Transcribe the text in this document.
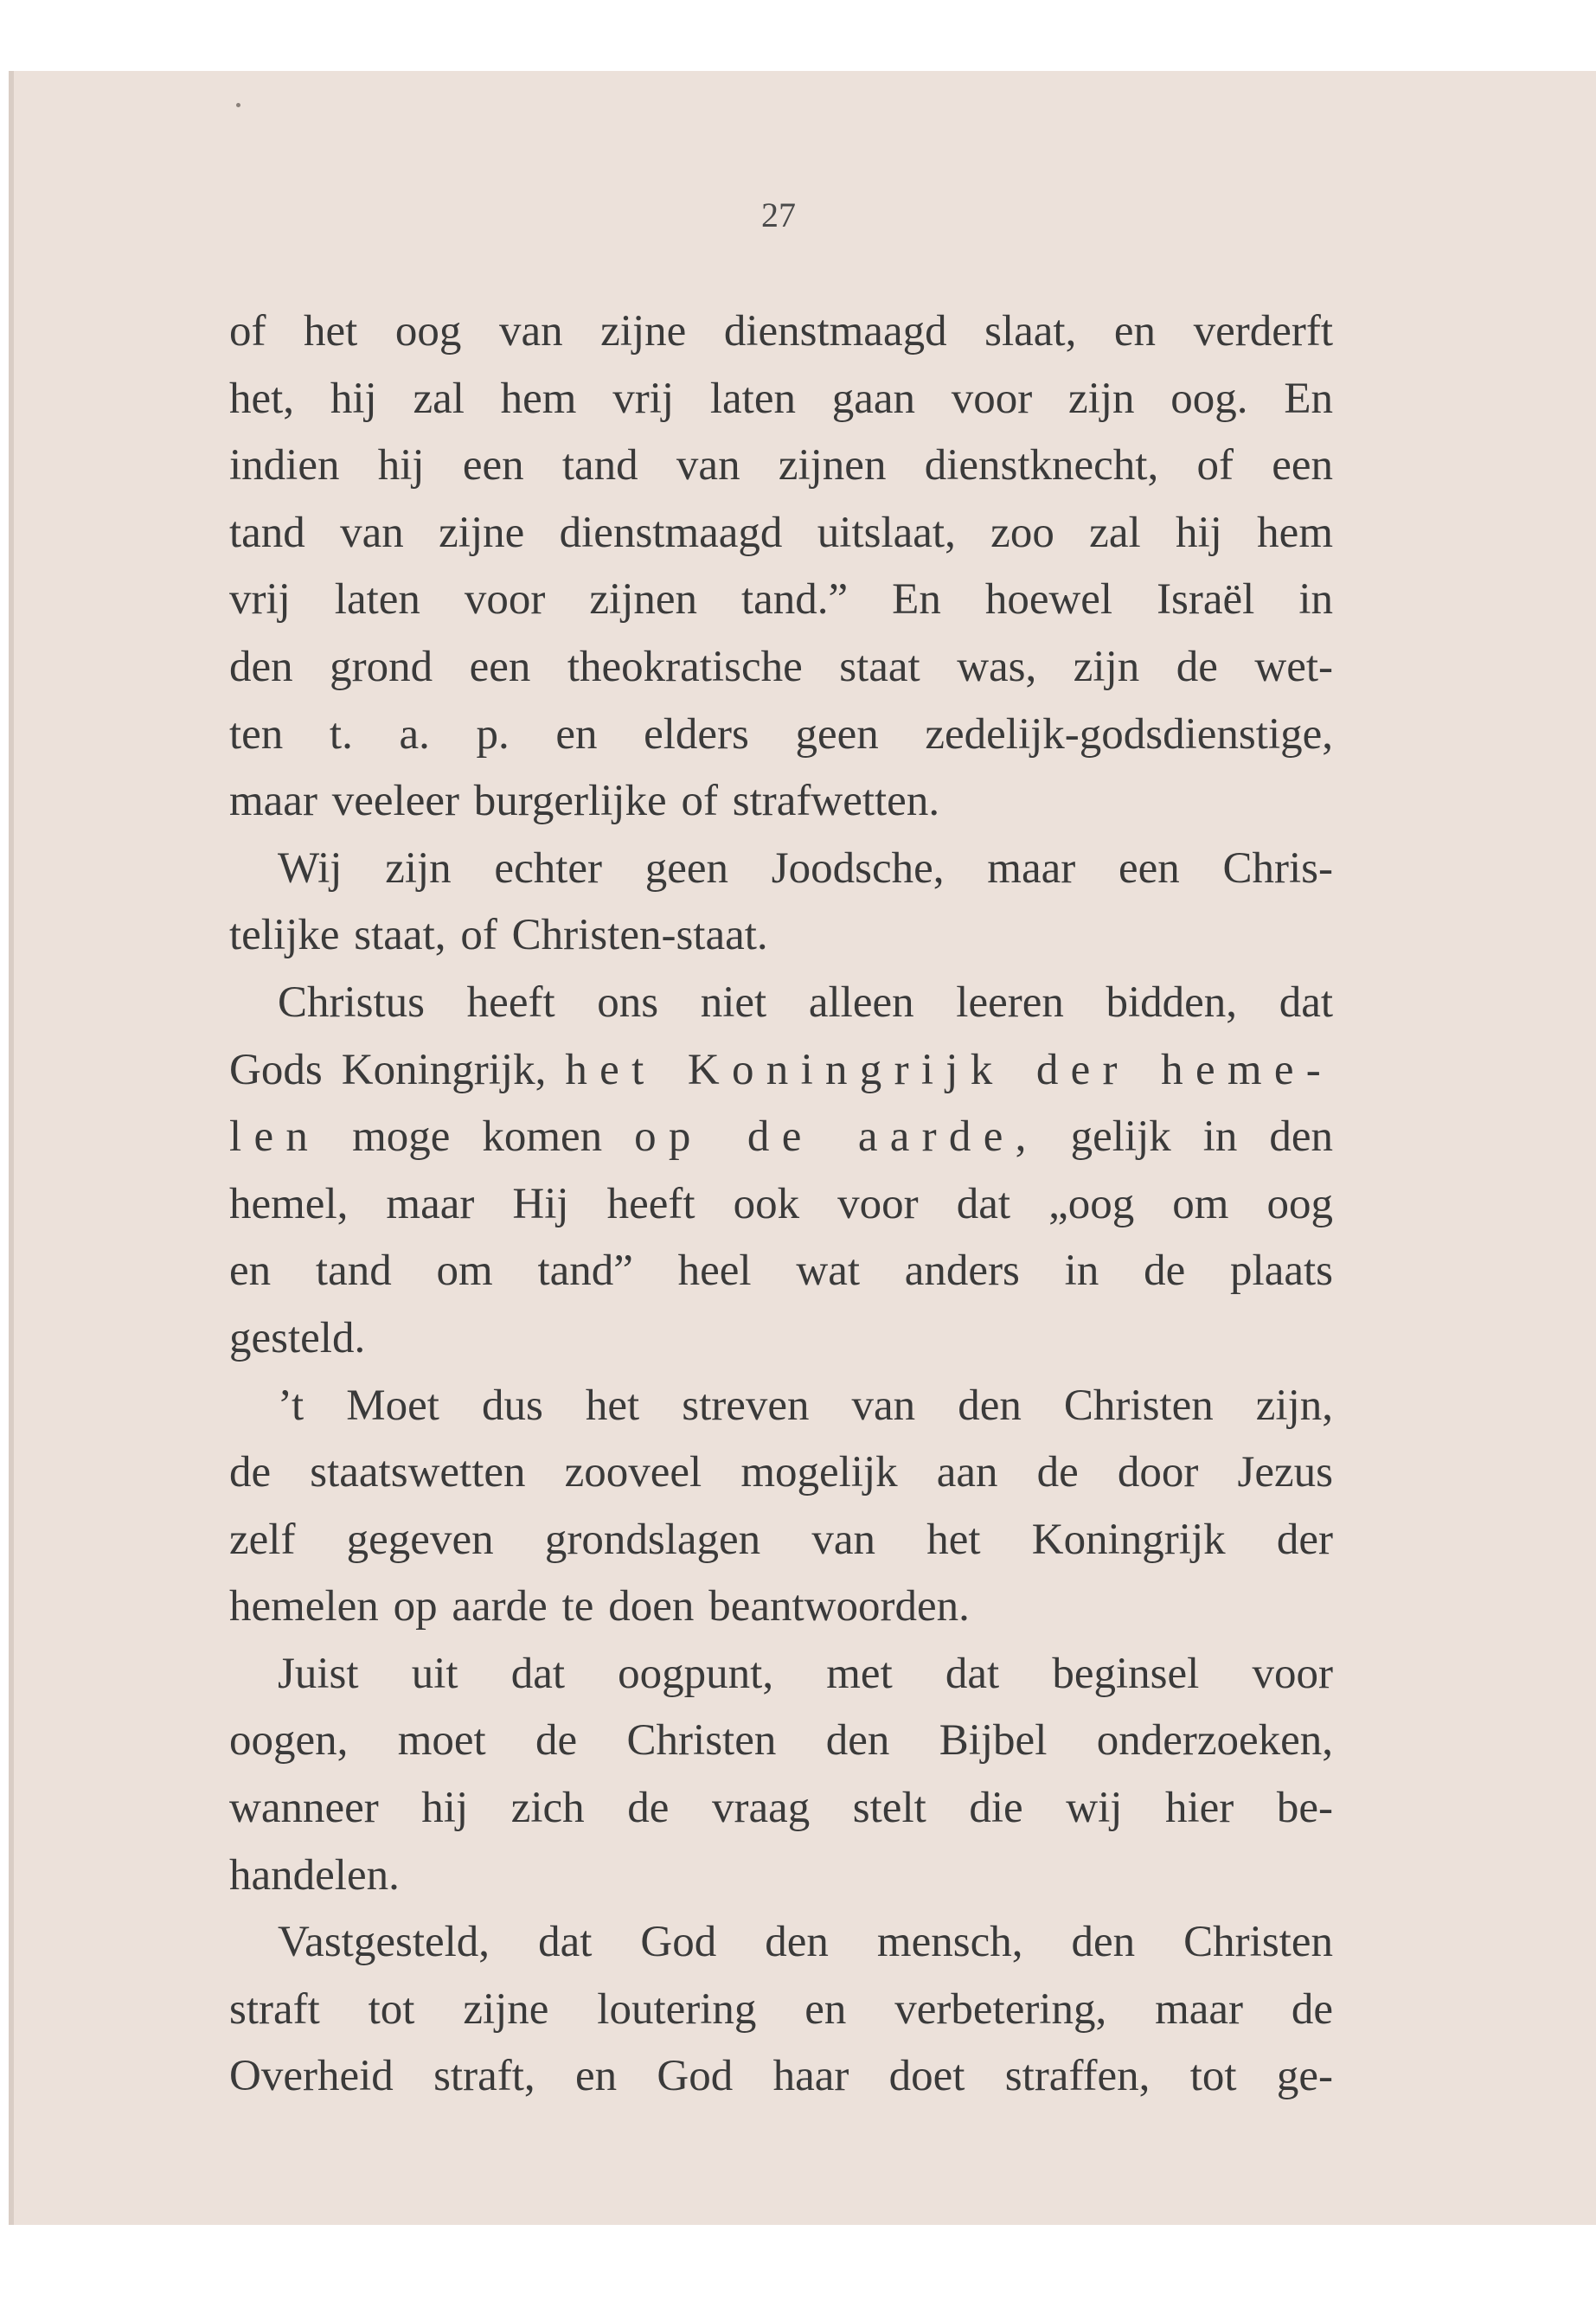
27
of het oog van zijne dienstmaagd slaat, en verderft
het, hij zal hem vrij laten gaan voor zijn oog. En
indien hij een tand van zijnen dienstknecht, of een
tand van zijne dienstmaagd uitslaat, zoo zal hij hem
vrij laten voor zijnen tand.” En hoewel Israël in
den grond een theokratische staat was, zijn de wet-
ten t. a. p. en elders geen zedelijk-godsdienstige,
maar veeleer burgerlijke of strafwetten.
Wij zijn echter geen Joodsche, maar een Chris-
telijke staat, of Christen-staat.
Christus heeft ons niet alleen leeren bidden, dat
Gods Koningrijk, het Koningrijk der heme-
len moge komen op de aarde, gelijk in den
hemel, maar Hij heeft ook voor dat „oog om oog
en tand om tand” heel wat anders in de plaats
gesteld.
’t Moet dus het streven van den Christen zijn,
de staatswetten zooveel mogelijk aan de door Jezus
zelf gegeven grondslagen van het Koningrijk der
hemelen op aarde te doen beantwoorden.
Juist uit dat oogpunt, met dat beginsel voor
oogen, moet de Christen den Bijbel onderzoeken,
wanneer hij zich de vraag stelt die wij hier be-
handelen.
Vastgesteld, dat God den mensch, den Christen
straft tot zijne loutering en verbetering, maar de
Overheid straft, en God haar doet straffen, tot ge-
